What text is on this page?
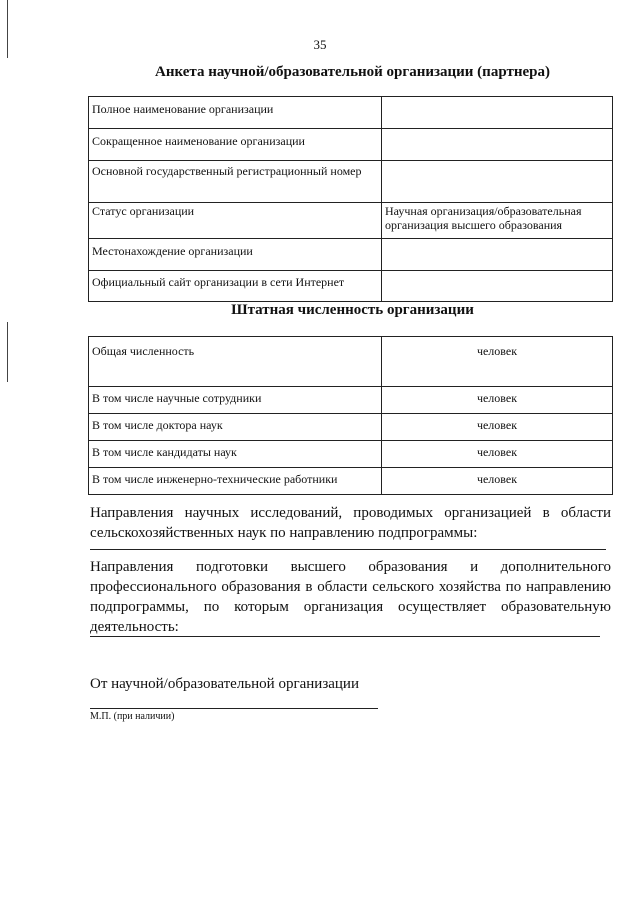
35
Анкета научной/образовательной организации (партнера)
Полное наименование организации	
Сокращенное наименование организации	
Основной государственный регистрационный номер	
Статус организации	Научная организация/образовательная организация высшего образования
Местонахождение организации	
Официальный сайт организации в сети Интернет	
Штатная численность организации
Общая численность	человек
В том числе научные сотрудники	человек
В том числе доктора наук	человек
В том числе кандидаты наук	человек
В том числе инженерно-технические работники	человек
Направления научных исследований, проводимых организацией в области сельскохозяйственных наук по направлению подпрограммы:
Направления подготовки высшего образования и дополнительного профессионального образования в области сельского хозяйства по направлению подпрограммы, по которым организация осуществляет образовательную деятельность:
От научной/образовательной организации
М.П. (при наличии)
